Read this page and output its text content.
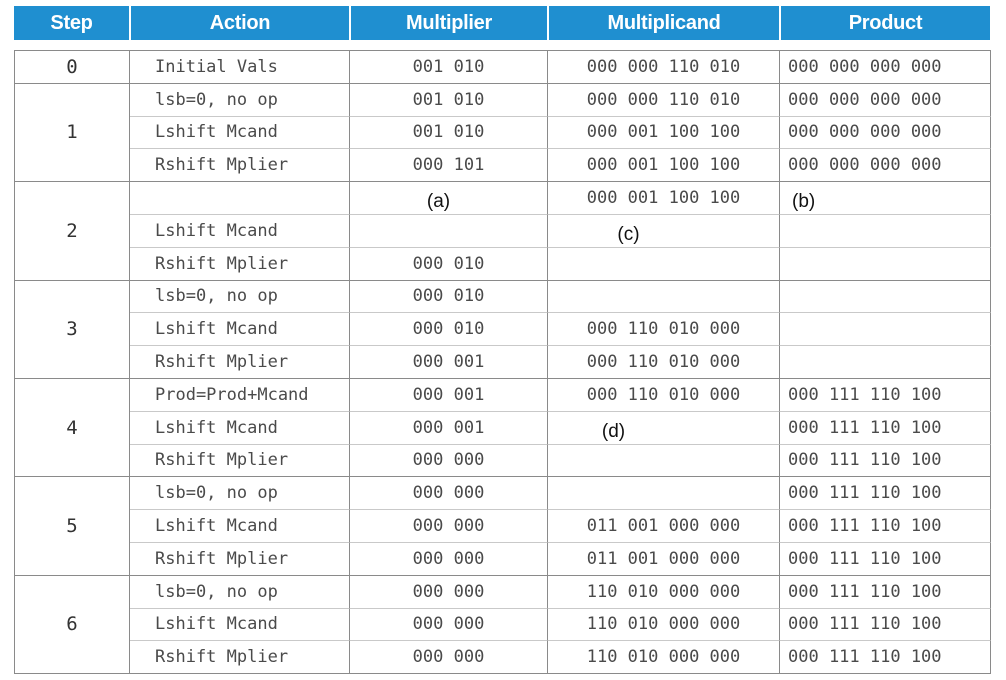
Step	Action	Multiplier	Multiplicand	Product
0	Initial Vals	001 010	000 000 110 010	000 000 000 000
1	lsb=0, no op	001 010	000 000 110 010	000 000 000 000
	Lshift Mcand	001 010	000 001 100 100	000 000 000 000
	Rshift Mplier	000 101	000 001 100 100	000 000 000 000
2		(a)	000 001 100 100	(b)
	Lshift Mcand		(c)	
	Rshift Mplier	000 010		
3	lsb=0, no op	000 010		
	Lshift Mcand	000 010	000 110 010 000	
	Rshift Mplier	000 001	000 110 010 000	
4	Prod=Prod+Mcand	000 001	000 110 010 000	000 111 110 100
	Lshift Mcand	000 001	(d)	000 111 110 100
	Rshift Mplier	000 000		000 111 110 100
5	lsb=0, no op	000 000		000 111 110 100
	Lshift Mcand	000 000	011 001 000 000	000 111 110 100
	Rshift Mplier	000 000	011 001 000 000	000 111 110 100
6	lsb=0, no op	000 000	110 010 000 000	000 111 110 100
	Lshift Mcand	000 000	110 010 000 000	000 111 110 100
	Rshift Mplier	000 000	110 010 000 000	000 111 110 100
